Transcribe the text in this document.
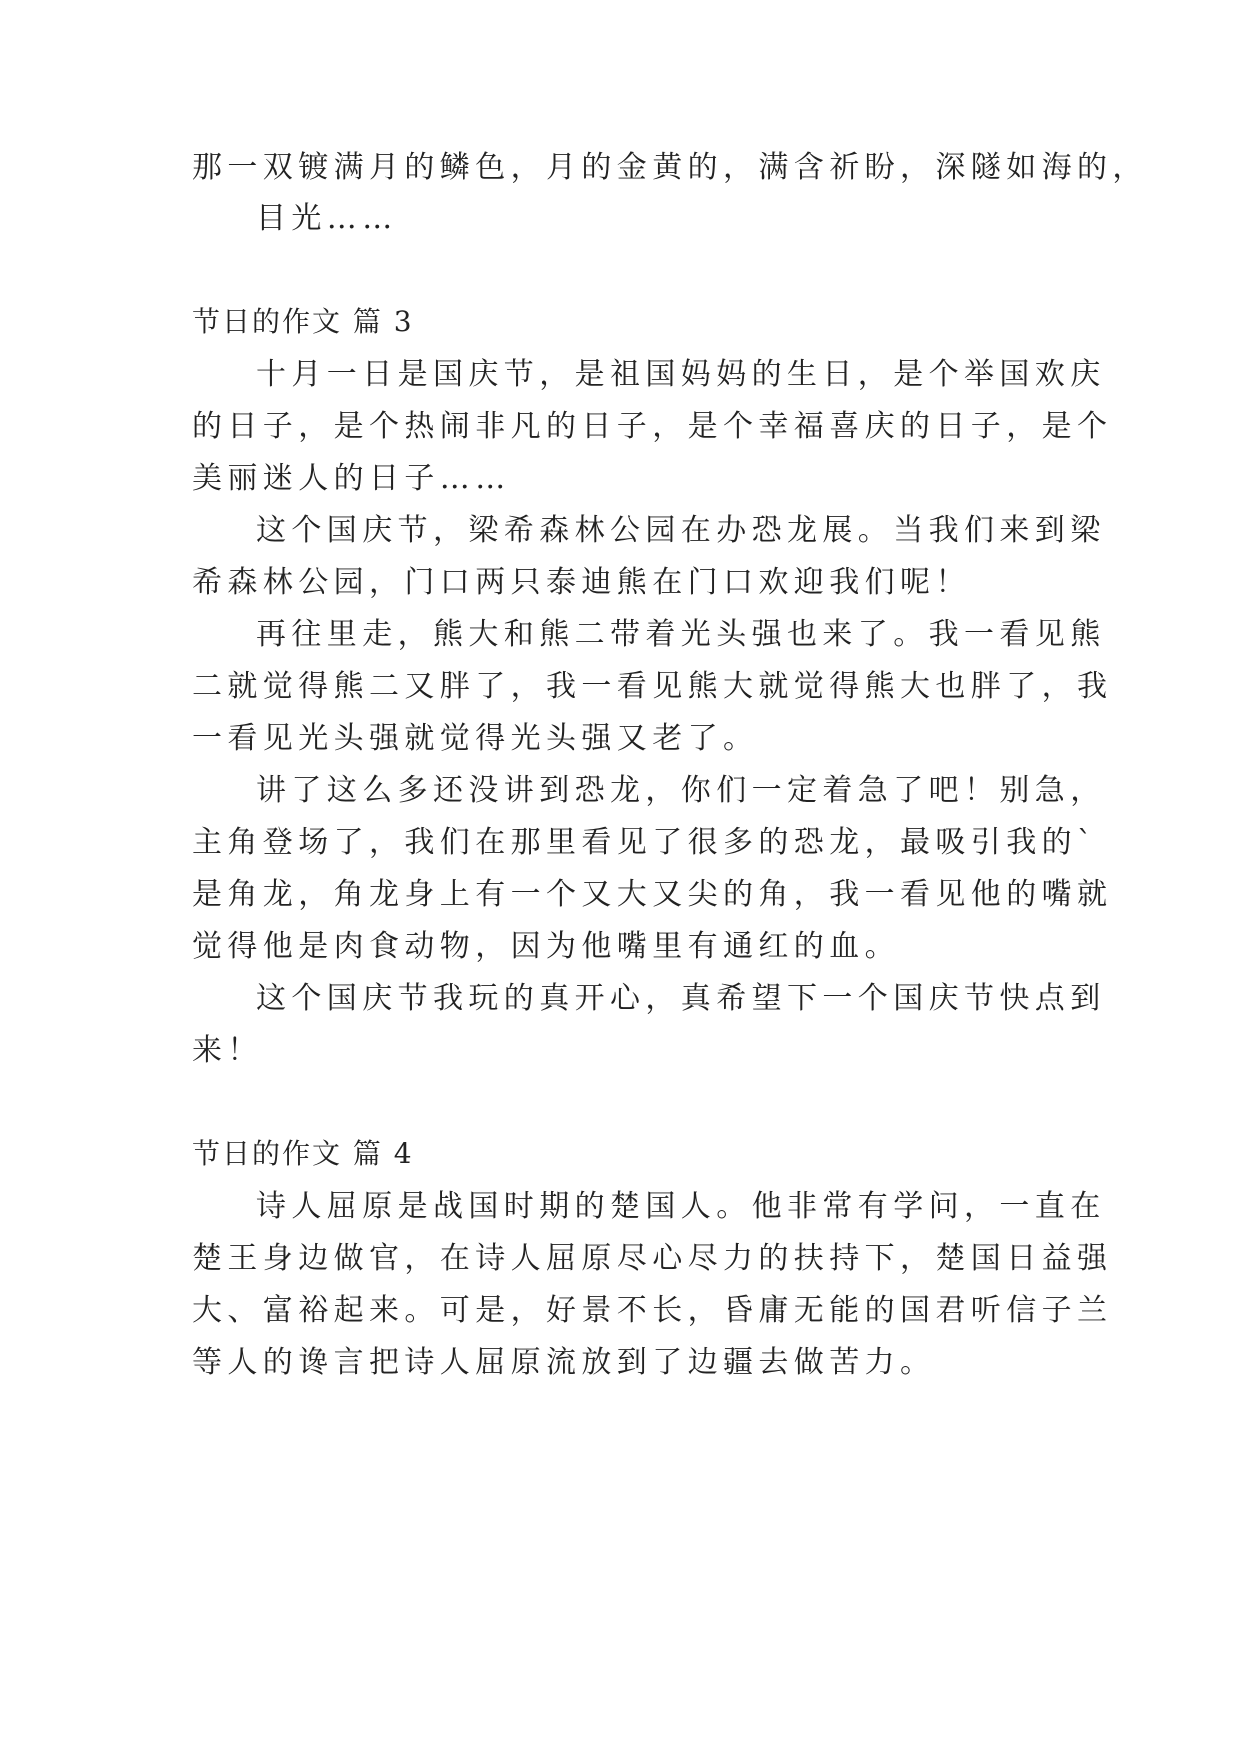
那一双镀满月的鳞色，月的金黄的，满含祈盼，深隧如海的，
目光……
节日的作文 篇 3
十月一日是国庆节，是祖国妈妈的生日，是个举国欢庆
的日子，是个热闹非凡的日子，是个幸福喜庆的日子，是个
美丽迷人的日子……
这个国庆节，梁希森林公园在办恐龙展。当我们来到梁
希森林公园，门口两只泰迪熊在门口欢迎我们呢！
再往里走，熊大和熊二带着光头强也来了。我一看见熊
二就觉得熊二又胖了，我一看见熊大就觉得熊大也胖了，我
一看见光头强就觉得光头强又老了。
讲了这么多还没讲到恐龙，你们一定着急了吧！别急，
主角登场了，我们在那里看见了很多的恐龙，最吸引我的`
是角龙，角龙身上有一个又大又尖的角，我一看见他的嘴就
觉得他是肉食动物，因为他嘴里有通红的血。
这个国庆节我玩的真开心，真希望下一个国庆节快点到
来！
节日的作文 篇 4
诗人屈原是战国时期的楚国人。他非常有学问，一直在
楚王身边做官，在诗人屈原尽心尽力的扶持下，楚国日益强
大、富裕起来。可是，好景不长，昏庸无能的国君听信子兰
等人的谗言把诗人屈原流放到了边疆去做苦力。
